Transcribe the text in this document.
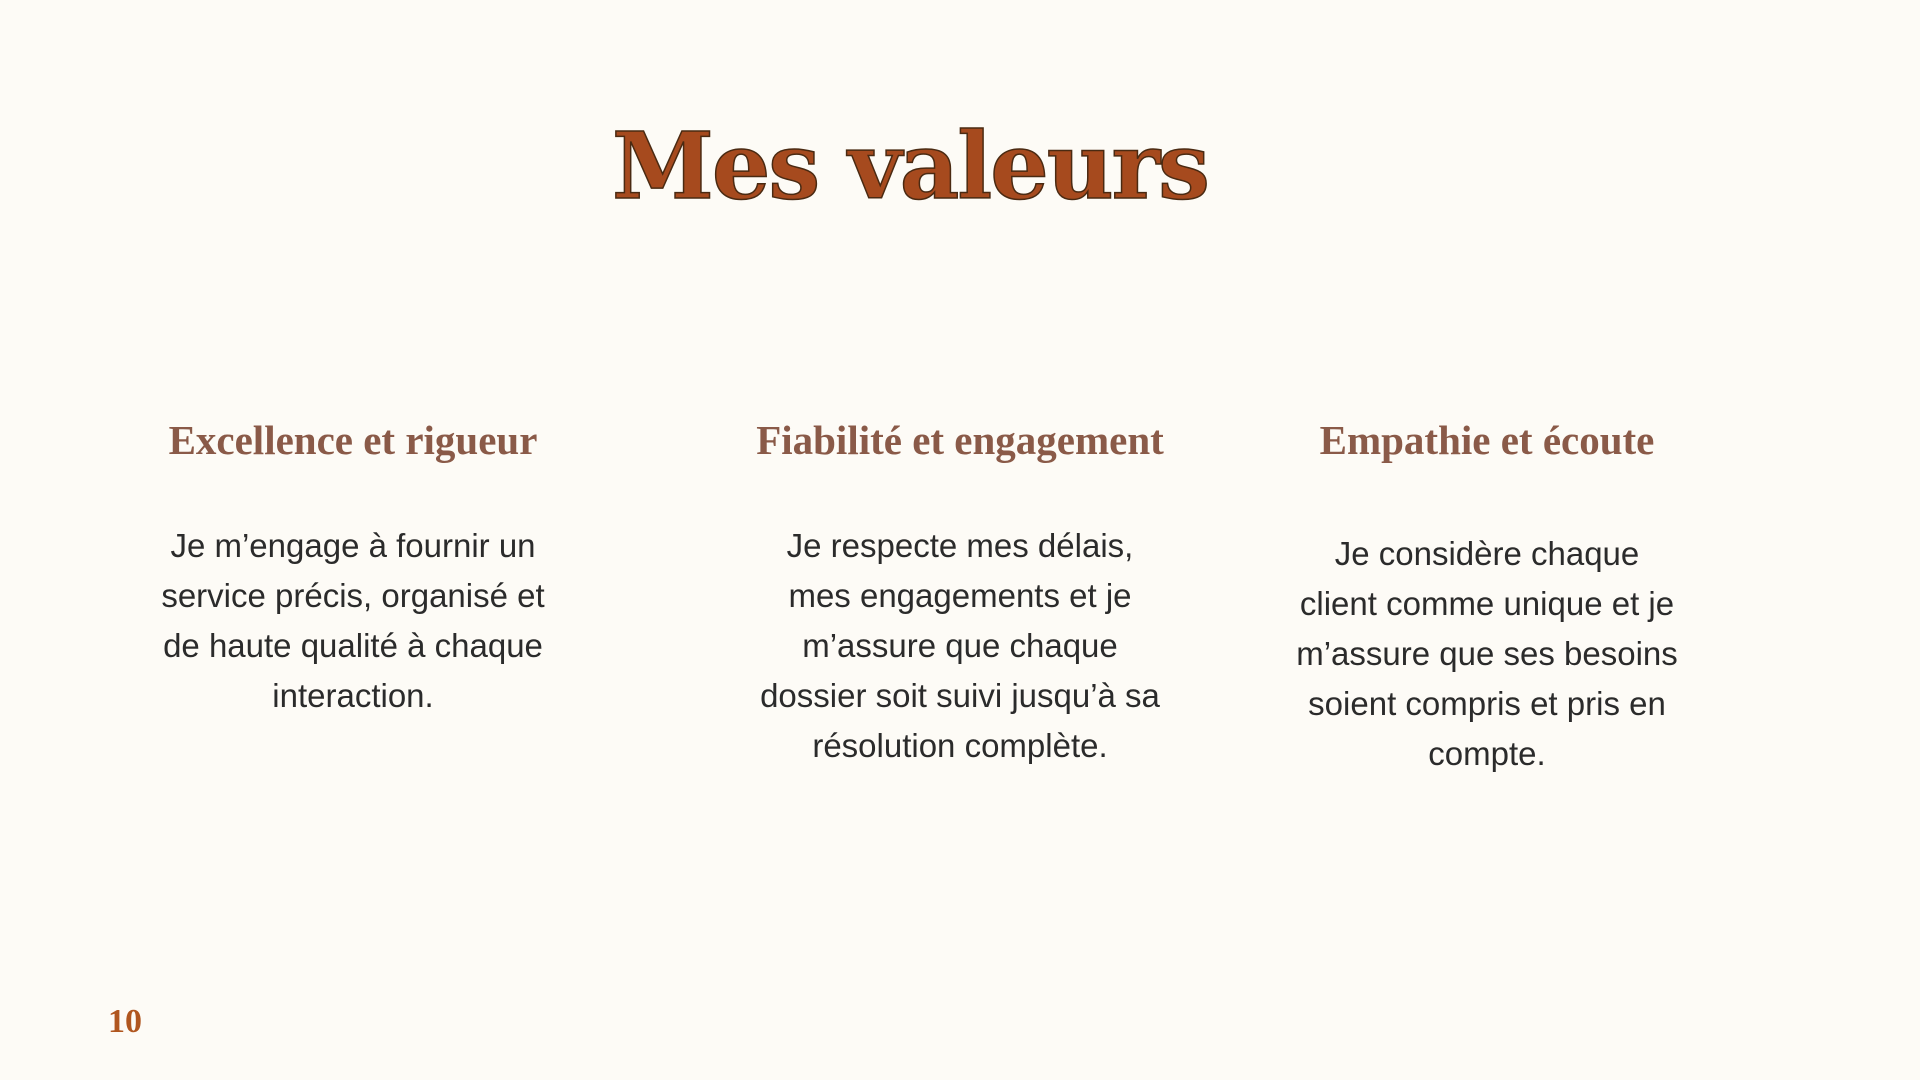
Mes valeurs
Excellence et rigueur

Je m’engage à fournir un service précis, organisé et de haute qualité à chaque interaction.

Fiabilité et engagement

Je respecte mes délais, mes engagements et je m’assure que chaque dossier soit suivi jusqu’à sa résolution complète.

Empathie et écoute

Je considère chaque client comme unique et je m’assure que ses besoins soient compris et pris en compte.

10
